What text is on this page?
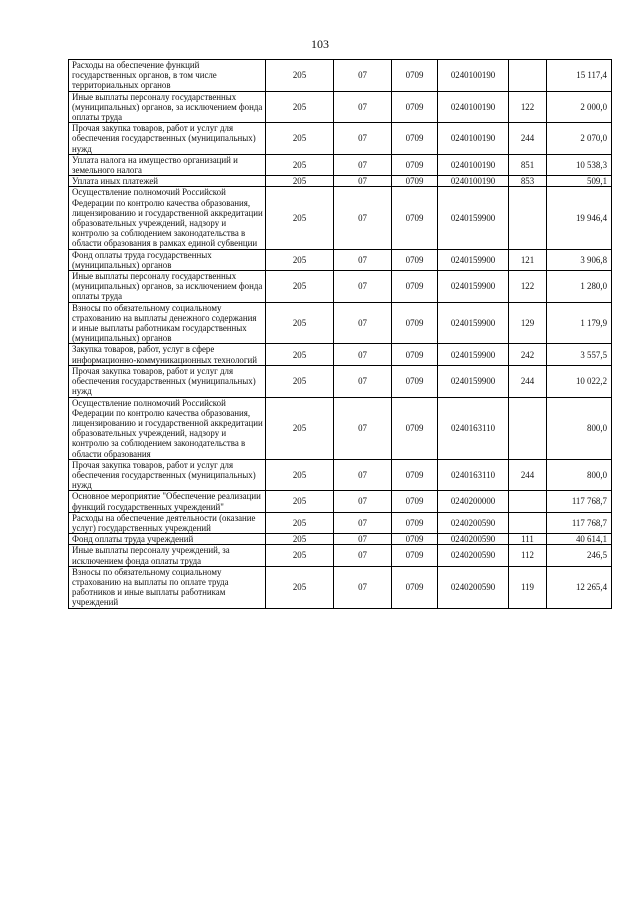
103
Расходы на обеспечение функций государственных органов, в том числе территориальных органов	205	07	0709	0240100190		15 117,4
Иные выплаты персоналу государственных (муниципальных) органов, за исключением фонда оплаты труда	205	07	0709	0240100190	122	2 000,0
Прочая закупка товаров, работ и услуг для обеспечения государственных (муниципальных) нужд	205	07	0709	0240100190	244	2 070,0
Уплата налога на имущество организаций и земельного налога	205	07	0709	0240100190	851	10 538,3
Уплата иных платежей	205	07	0709	0240100190	853	509,1
Осуществление полномочий Российской Федерации по контролю качества образования, лицензированию и государственной аккредитации образовательных учреждений, надзору и контролю за соблюдением законодательства в области образования в рамках единой субвенции	205	07	0709	0240159900		19 946,4
Фонд оплаты труда государственных (муниципальных) органов	205	07	0709	0240159900	121	3 906,8
Иные выплаты персоналу государственных (муниципальных) органов, за исключением фонда оплаты труда	205	07	0709	0240159900	122	1 280,0
Взносы по обязательному социальному страхованию на выплаты денежного содержания и иные выплаты работникам государственных (муниципальных) органов	205	07	0709	0240159900	129	1 179,9
Закупка товаров, работ, услуг в сфере информационно-коммуникационных технологий	205	07	0709	0240159900	242	3 557,5
Прочая закупка товаров, работ и услуг для обеспечения государственных (муниципальных) нужд	205	07	0709	0240159900	244	10 022,2
Осуществление полномочий Российской Федерации по контролю качества образования, лицензированию и государственной аккредитации образовательных учреждений, надзору и контролю за соблюдением законодательства в области образования	205	07	0709	0240163110		800,0
Прочая закупка товаров, работ и услуг для обеспечения государственных (муниципальных) нужд	205	07	0709	0240163110	244	800,0
Основное мероприятие "Обеспечение реализации функций государственных учреждений"	205	07	0709	0240200000		117 768,7
Расходы на обеспечение деятельности (оказание услуг) государственных учреждений	205	07	0709	0240200590		117 768,7
Фонд оплаты труда учреждений	205	07	0709	0240200590	111	40 614,1
Иные выплаты персоналу учреждений, за исключением фонда оплаты труда	205	07	0709	0240200590	112	246,5
Взносы по обязательному социальному страхованию на выплаты по оплате труда работников и иные выплаты работникам учреждений	205	07	0709	0240200590	119	12 265,4
